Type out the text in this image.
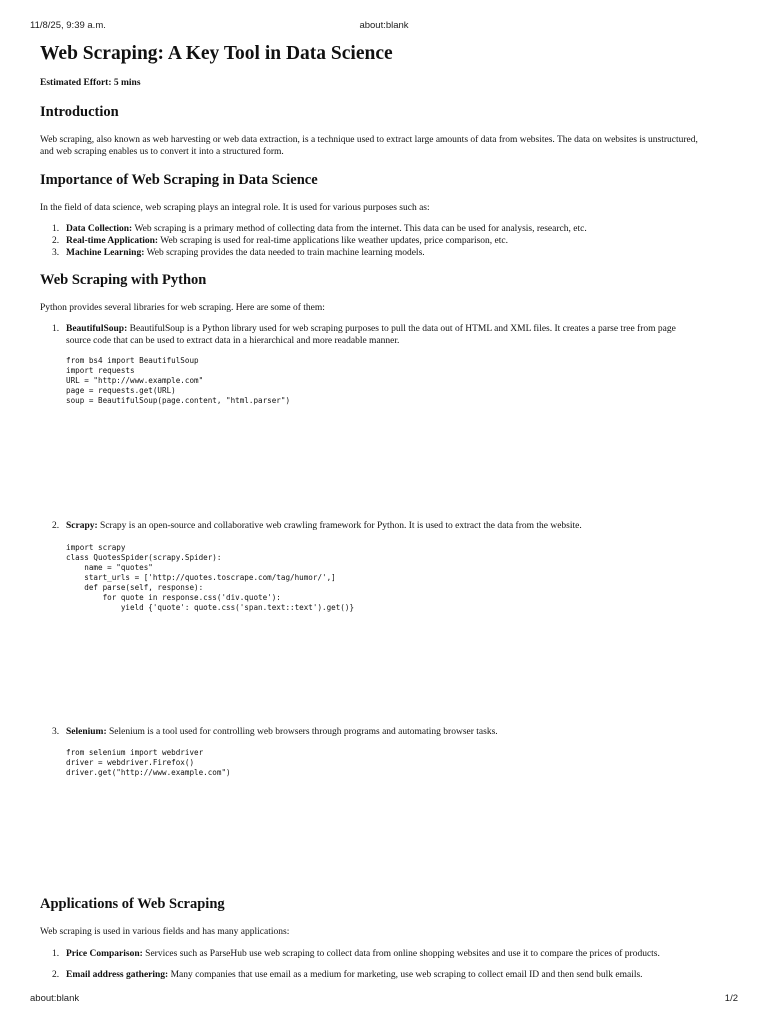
11/8/25, 9:39 a.m.	about:blank
Web Scraping: A Key Tool in Data Science
Estimated Effort: 5 mins
Introduction

Web scraping, also known as web harvesting or web data extraction, is a technique used to extract large amounts of data from websites. The data on websites is unstructured, and web scraping enables us to convert it into a structured form.

Importance of Web Scraping in Data Science

In the field of data science, web scraping plays an integral role. It is used for various purposes such as:

1. Data Collection: Web scraping is a primary method of collecting data from the internet. This data can be used for analysis, research, etc.
2. Real-time Application: Web scraping is used for real-time applications like weather updates, price comparison, etc.
3. Machine Learning: Web scraping provides the data needed to train machine learning models.
Web Scraping with Python

Python provides several libraries for web scraping. Here are some of them:

1. BeautifulSoup: BeautifulSoup is a Python library used for web scraping purposes to pull the data out of HTML and XML files. It creates a parse tree from page source code that can be used to extract data in a hierarchical and more readable manner.
from bs4 import BeautifulSoup
import requests
URL = "http://www.example.com"
page = requests.get(URL)
soup = BeautifulSoup(page.content, "html.parser")
2. Scrapy: Scrapy is an open-source and collaborative web crawling framework for Python. It is used to extract the data from the website.
import scrapy
class QuotesSpider(scrapy.Spider):
name = "quotes"
start_urls = ['http://quotes.toscrape.com/tag/humor/',]
def parse(self, response):
for quote in response.css('div.quote'):
yield {'quote': quote.css('span.text::text').get()}
3. Selenium: Selenium is a tool used for controlling web browsers through programs and automating browser tasks.
from selenium import webdriver
driver = webdriver.Firefox()
driver.get("http://www.example.com")
Applications of Web Scraping

Web scraping is used in various fields and has many applications:

1. Price Comparison: Services such as ParseHub use web scraping to collect data from online shopping websites and use it to compare the prices of products.
2. Email address gathering: Many companies that use email as a medium for marketing, use web scraping to collect email ID and then send bulk emails.
about:blank	1/2
